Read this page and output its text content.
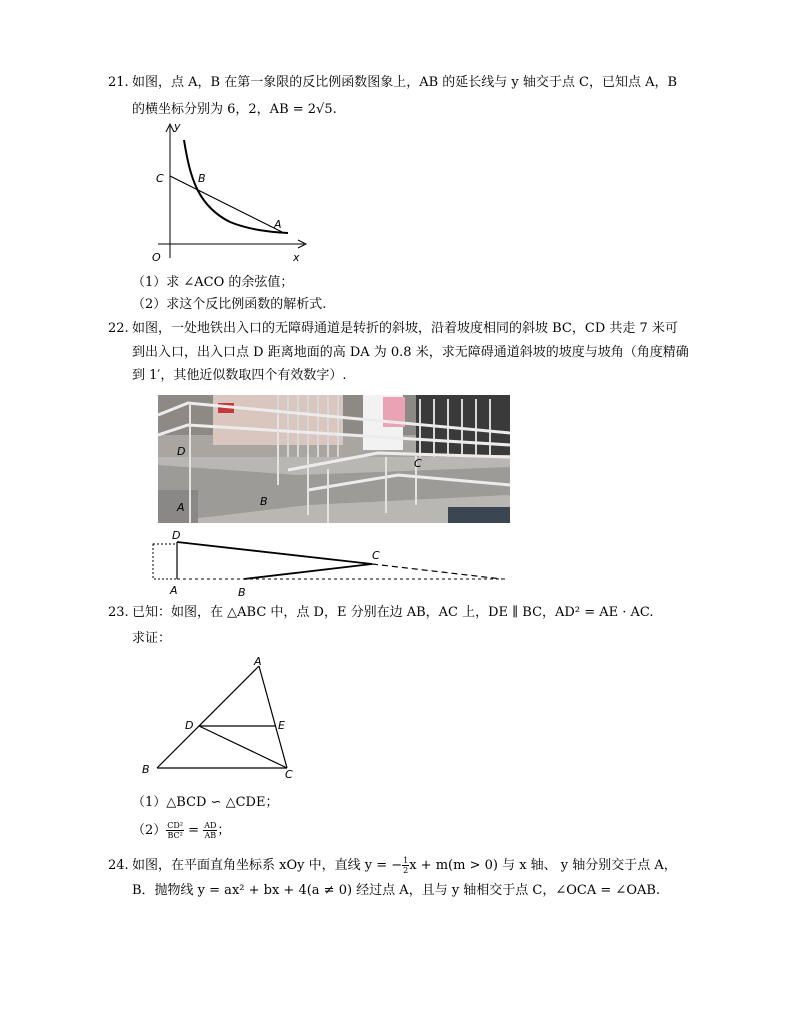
21. 如图，点 A，B 在第一象限的反比例函数图象上，AB 的延长线与 y 轴交于点 C，已知点 A，B
的横坐标分别为 6，2，AB = 2√5.
y
C	B
A
O	x
（1）求 ∠ACO 的余弦值；
（2）求这个反比例函数的解析式.
22. 如图，一处地铁出入口的无障碍通道是转折的斜坡，沿着坡度相同的斜坡 BC，CD 共走 7 米可
到出入口，出入口点 D 距离地面的高 DA 为 0.8 米，求无障碍通道斜坡的坡度与坡角（角度精确
到 1′，其他近似数取四个有效数字）.
D
C
B
A
D
C
A	B
23. 已知：如图，在 △ABC 中，点 D，E 分别在边 AB，AC 上，DE ∥ BC，AD² = AE · AC.
求证：
A
D	E
B	C
（1）△BCD ∽ △CDE；
$(2) \frac{\text{CD²}}{\text{BC²}} = \frac{AD}{AB}$ ；
24. 如图，在平面直角坐标系 xOy 中，直线 y = − $\frac{1}{2}$ x + m(m > 0) 与 x 轴、 y 轴分别交于点 A，
B．抛物线 y = ax² + bx + 4(a ≠ 0) 经过点 A，且与 y 轴相交于点 C，∠OCA = ∠OAB.
